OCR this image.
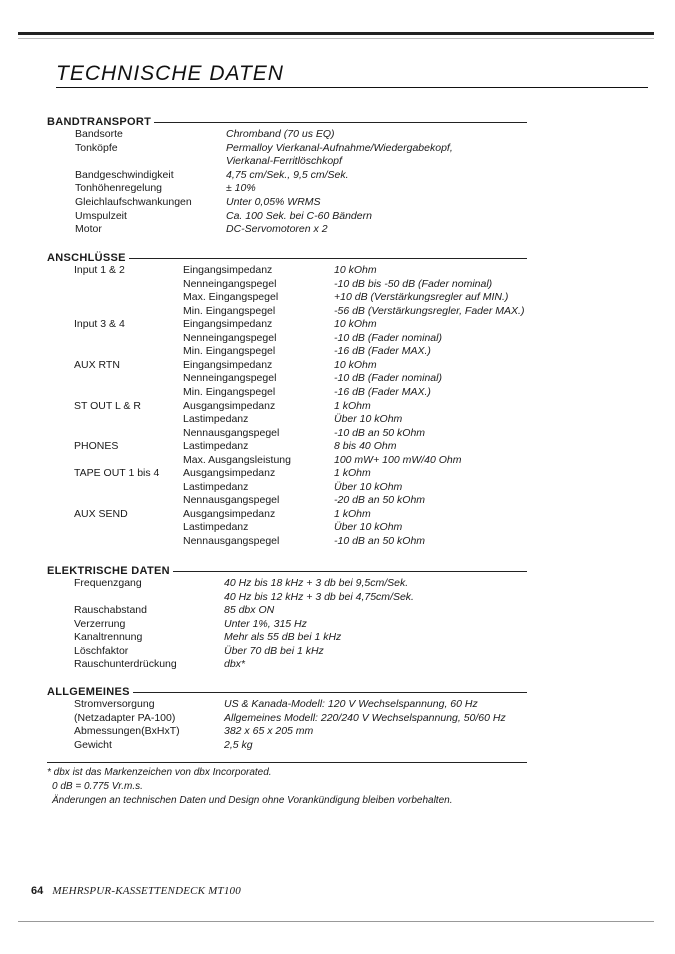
TECHNISCHE DATEN
BANDTRANSPORT
Bandsorte	Chromband (70 us EQ)
Tonköpfe	Permalloy Vierkanal-Aufnahme/Wiedergabekopf,
Vierkanal-Ferritlöschkopf
Bandgeschwindigkeit	4,75 cm/Sek., 9,5 cm/Sek.
Tonhöhenregelung	± 10%
Gleichlaufschwankungen	Unter 0,05% WRMS
Umspulzeit	Ca. 100 Sek. bei C-60 Bändern
Motor	DC-Servomotoren x 2
ANSCHLÜSSE
Input 1 & 2	Eingangsimpedanz	10 kOhm
Nenneingangspegel	-10 dB bis -50 dB (Fader nominal)
Max. Eingangspegel	+10 dB (Verstärkungsregler auf MIN.)
Min. Eingangspegel	-56 dB (Verstärkungsregler, Fader MAX.)
Input 3 & 4	Eingangsimpedanz	10 kOhm
Nenneingangspegel	-10 dB (Fader nominal)
Min. Eingangspegel	-16 dB (Fader MAX.)
AUX RTN	Eingangsimpedanz	10 kOhm
Nenneingangspegel	-10 dB (Fader nominal)
Min. Eingangspegel	-16 dB (Fader MAX.)
ST OUT L & R	Ausgangsimpedanz	1 kOhm
Lastimpedanz	Über 10 kOhm
Nennausgangspegel	-10 dB an 50 kOhm
PHONES	Lastimpedanz	8 bis 40 Ohm
Max. Ausgangsleistung	100 mW+ 100 mW/40 Ohm
TAPE OUT 1 bis 4 Ausgangsimpedanz	1 kOhm
Lastimpedanz	Über 10 kOhm
Nennausgangspegel	-20 dB an 50 kOhm
AUX SEND	Ausgangsimpedanz	1 kOhm
Lastimpedanz	Über 10 kOhm
Nennausgangspegel	-10 dB an 50 kOhm
ELEKTRISCHE DATEN
Frequenzgang	40 Hz bis 18 kHz + 3 db bei 9,5cm/Sek.
40 Hz bis 12 kHz + 3 db bei 4,75cm/Sek.
Rauschabstand	85 dbx ON
Verzerrung	Unter 1%, 315 Hz
Kanaltrennung	Mehr als 55 dB bei 1 kHz
Löschfaktor	Über 70 dB bei 1 kHz
Rauschunterdrückung	dbx*
ALLGEMEINES
Stromversorgung	US & Kanada-Modell: 120 V Wechselspannung, 60 Hz
(Netzadapter PA-100)	Allgemeines Modell: 220/240 V Wechselspannung, 50/60 Hz
Abmessungen(BxHxT)	382 x 65 x 205 mm
Gewicht	2,5 kg
* dbx ist das Markenzeichen von dbx Incorporated.
0 dB = 0.775 Vr.m.s.
Änderungen an technischen Daten und Design ohne Vorankündigung bleiben vorbehalten.
64 MEHRSPUR-KASSETTENDECK MT100
